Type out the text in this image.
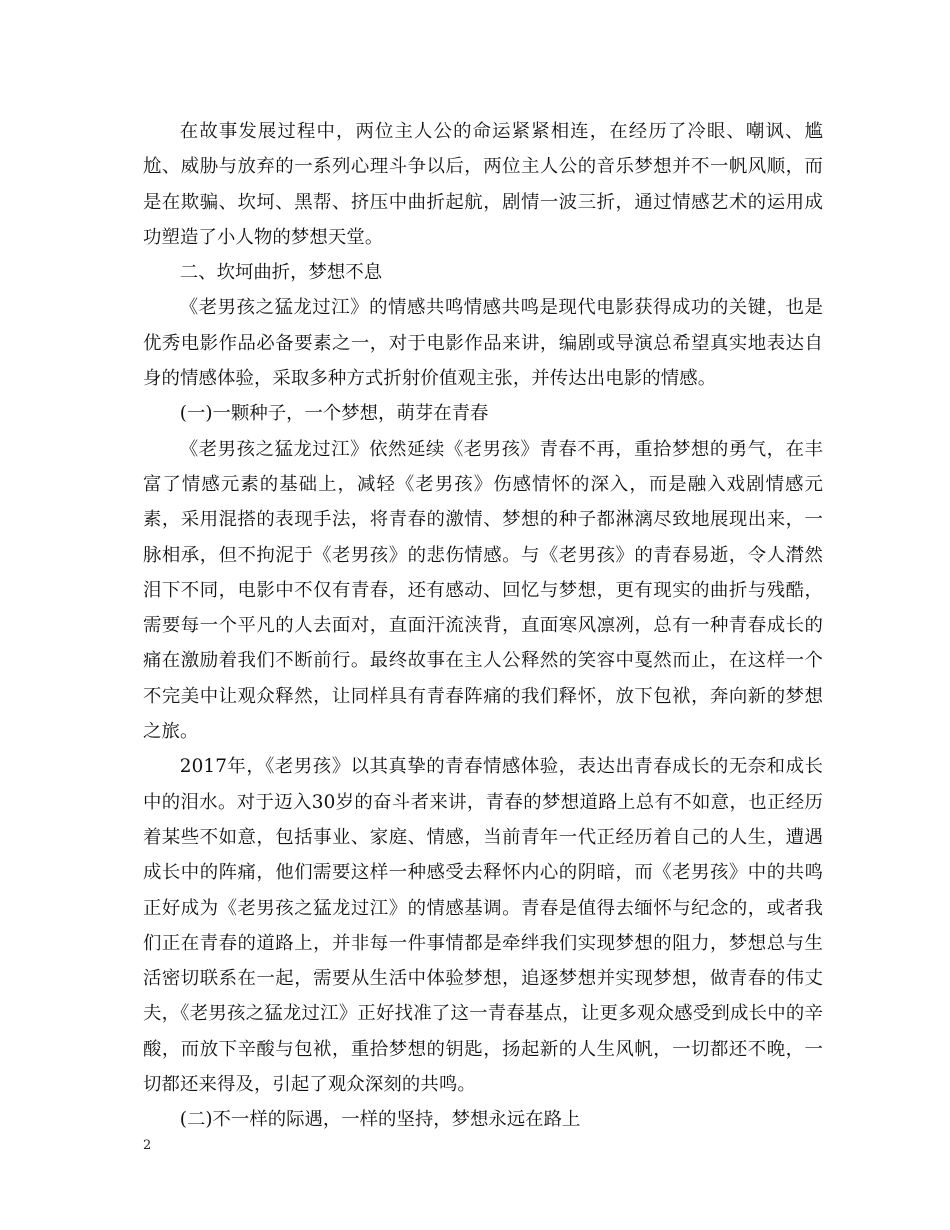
在故事发展过程中，两位主人公的命运紧紧相连，在经历了冷眼、嘲讽、尴尬、威胁与放弃的一系列心理斗争以后，两位主人公的音乐梦想并不一帆风顺，而是在欺骗、坎坷、黑帮、挤压中曲折起航，剧情一波三折，通过情感艺术的运用成功塑造了小人物的梦想天堂。

二、坎坷曲折，梦想不息

《老男孩之猛龙过江》的情感共鸣情感共鸣是现代电影获得成功的关键，也是优秀电影作品必备要素之一，对于电影作品来讲，编剧或导演总希望真实地表达自身的情感体验，采取多种方式折射价值观主张，并传达出电影的情感。

(一)一颗种子，一个梦想，萌芽在青春

《老男孩之猛龙过江》依然延续《老男孩》青春不再，重拾梦想的勇气，在丰富了情感元素的基础上，减轻《老男孩》伤感情怀的深入，而是融入戏剧情感元素，采用混搭的表现手法，将青春的激情、梦想的种子都淋漓尽致地展现出来，一脉相承，但不拘泥于《老男孩》的悲伤情感。与《老男孩》的青春易逝，令人潸然泪下不同，电影中不仅有青春，还有感动、回忆与梦想，更有现实的曲折与残酷，需要每一个平凡的人去面对，直面汗流浃背，直面寒风凛冽，总有一种青春成长的痛在激励着我们不断前行。最终故事在主人公释然的笑容中戛然而止，在这样一个不完美中让观众释然，让同样具有青春阵痛的我们释怀，放下包袱，奔向新的梦想之旅。

2017年，《老男孩》以其真挚的青春情感体验，表达出青春成长的无奈和成长中的泪水。对于迈入30岁的奋斗者来讲，青春的梦想道路上总有不如意，也正经历着某些不如意，包括事业、家庭、情感，当前青年一代正经历着自己的人生，遭遇成长中的阵痛，他们需要这样一种感受去释怀内心的阴暗，而《老男孩》中的共鸣正好成为《老男孩之猛龙过江》的情感基调。青春是值得去缅怀与纪念的，或者我们正在青春的道路上，并非每一件事情都是牵绊我们实现梦想的阻力，梦想总与生活密切联系在一起，需要从生活中体验梦想，追逐梦想并实现梦想，做青春的伟丈夫，《老男孩之猛龙过江》正好找准了这一青春基点，让更多观众感受到成长中的辛酸，而放下辛酸与包袱，重拾梦想的钥匙，扬起新的人生风帆，一切都还不晚，一切都还来得及，引起了观众深刻的共鸣。

(二)不一样的际遇，一样的坚持，梦想永远在路上

2
